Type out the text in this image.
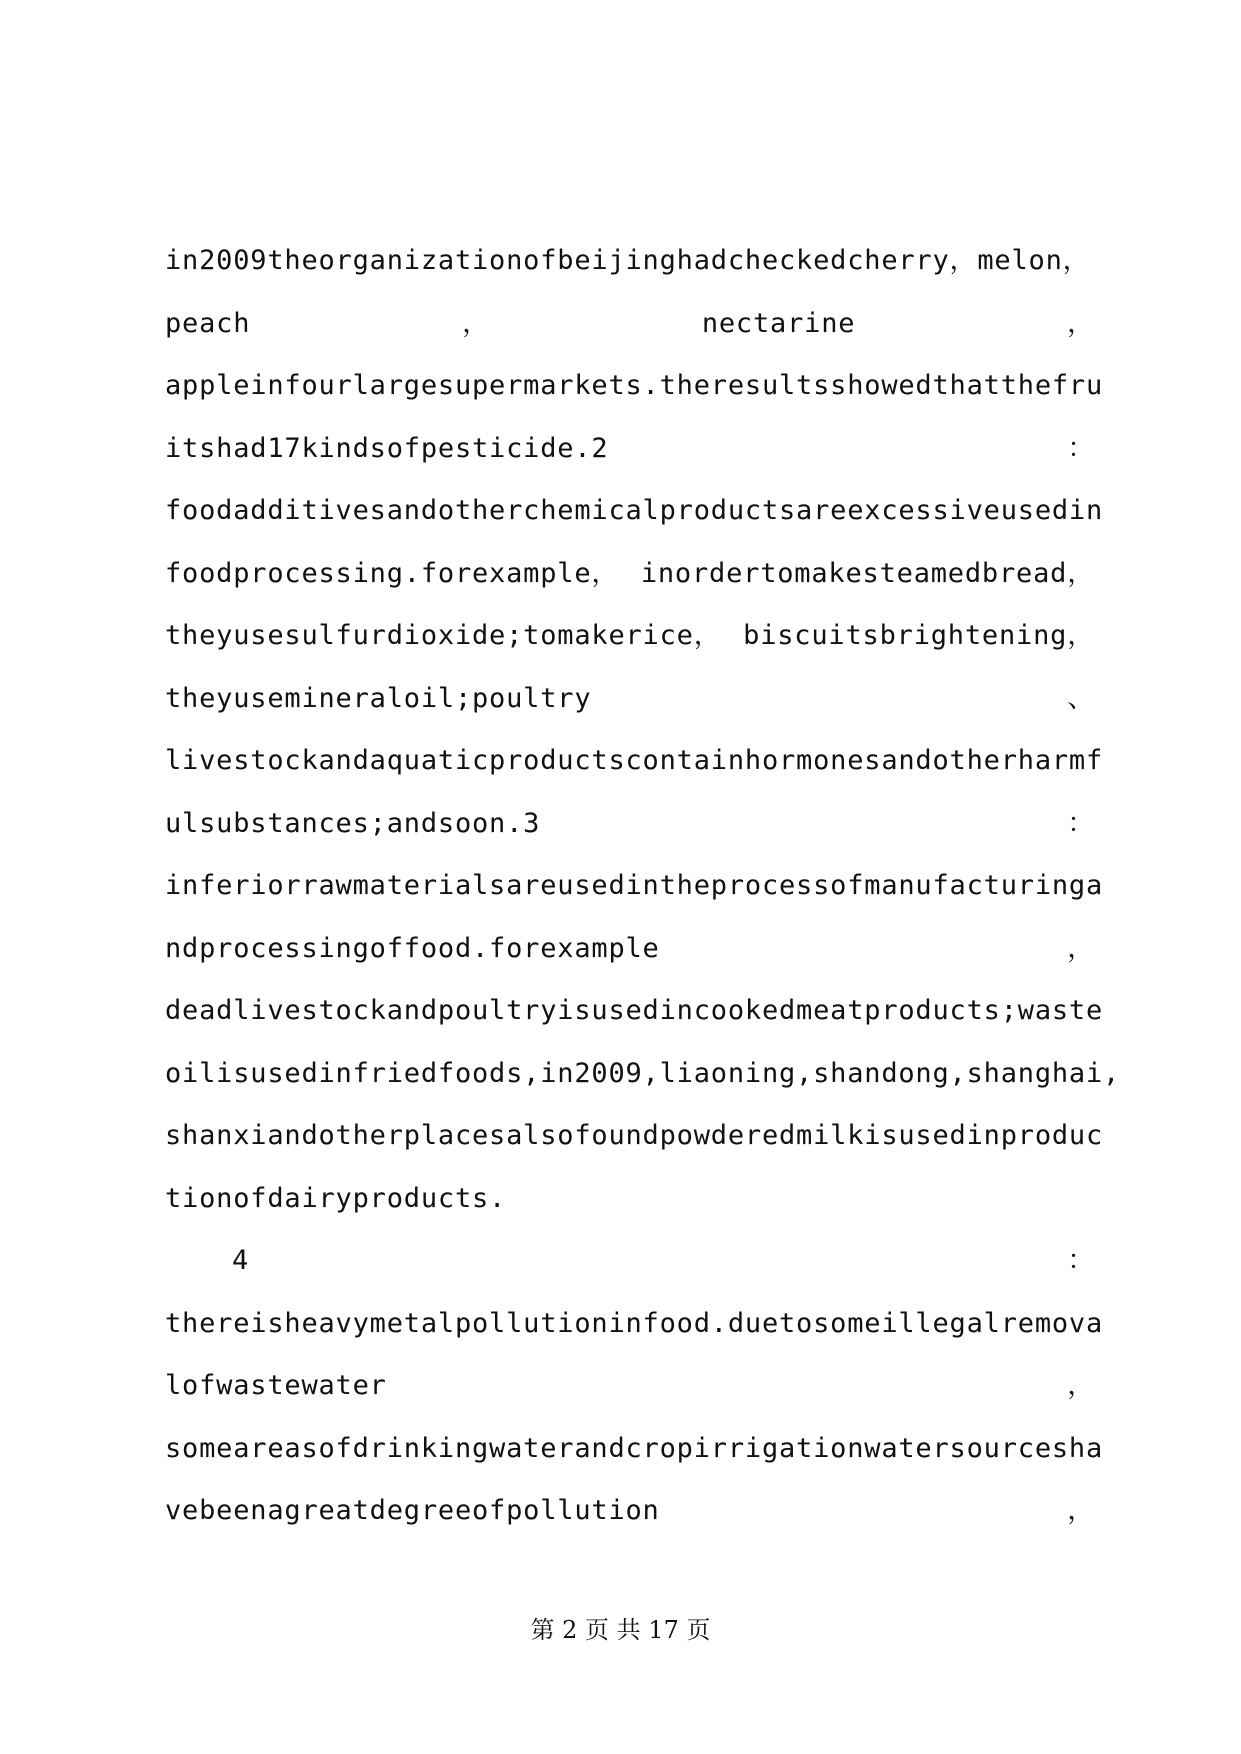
in2009theorganizationofbeijinghadcheckedcherry，melon，
peach	，	nectarine	，
appleinfourlargesupermarkets.theresultsshowedthatthefru
itshad17kindsofpesticide.2	：
foodadditivesandotherchemicalproductsareexcessiveusedin
foodprocessing.forexample， inordertomakesteamedbread，
theyusesulfurdioxide;tomakerice， biscuitsbrightening，
theyusemineraloil;poultry	、
livestockandaquaticproductscontainhormonesandotherharmf
ulsubstances;andsoon.3	：
inferiorrawmaterialsareusedintheprocessofmanufacturinga
ndprocessingoffood.forexample	，
deadlivestockandpoultryisusedincookedmeatproducts;waste
oilisusedinfriedfoods,in2009,liaoning,shandong,shanghai,
shanxiandotherplacesalsofoundpowderedmilkisusedinproduc
tionofdairyproducts.
4	：
thereisheavymetalpollutioninfood.duetosomeillegalremova
lofwastewater	，
someareasofdrinkingwaterandcropirrigationwatersourcesha
vebeenagreatdegreeofpollution	，
第 2 页 共 17 页
